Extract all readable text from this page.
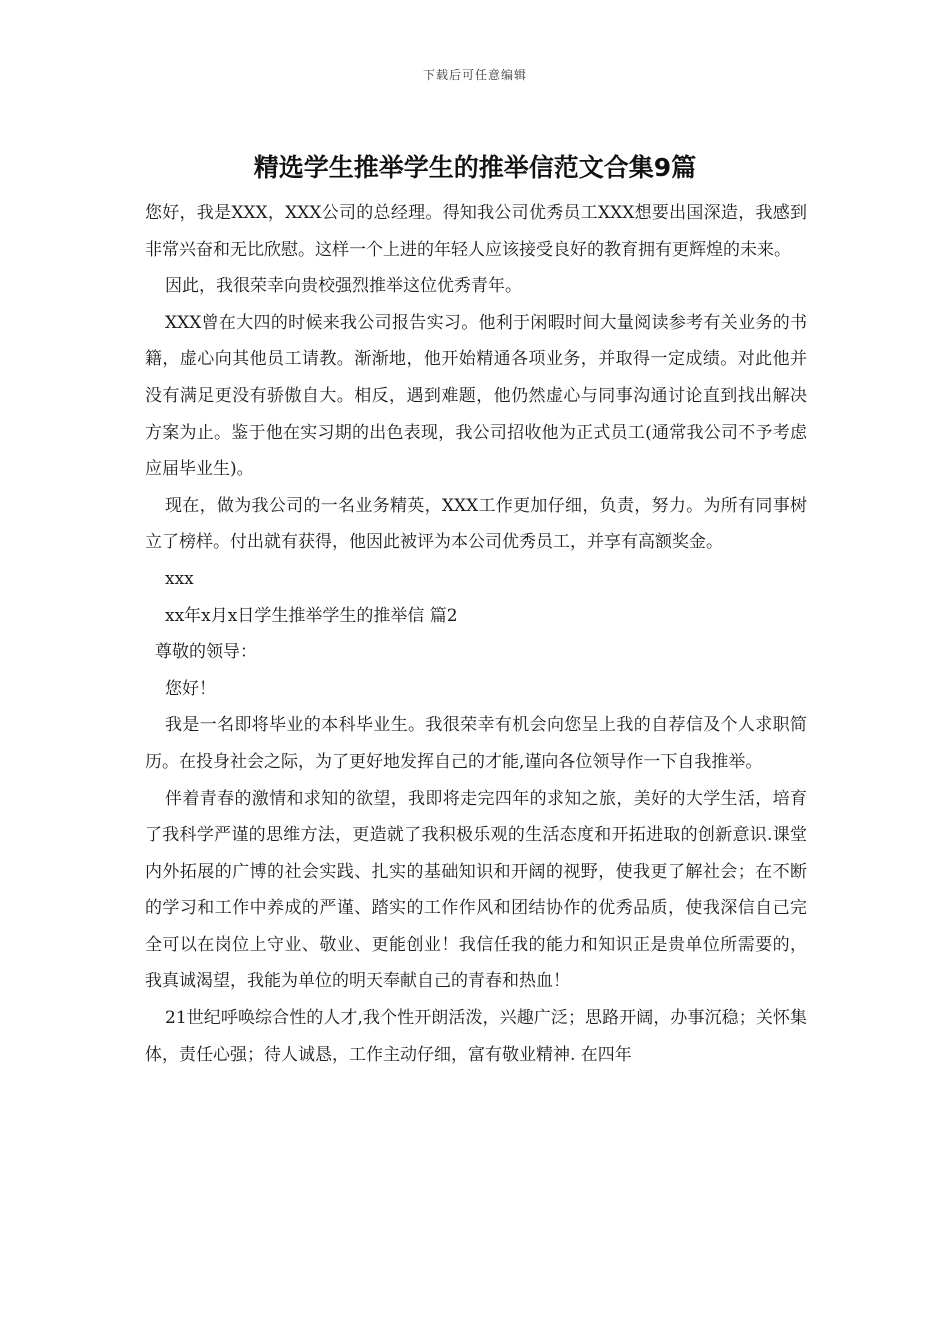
下载后可任意编辑
精选学生推举学生的推举信范文合集9篇

您好，我是XXX，XXX公司的总经理。得知我公司优秀员工XXX想要出国深造，我感到非常兴奋和无比欣慰。这样一个上进的年轻人应该接受良好的教育拥有更辉煌的未来。

因此，我很荣幸向贵校强烈推举这位优秀青年。

XXX曾在大四的时候来我公司报告实习。他利于闲暇时间大量阅读参考有关业务的书籍，虚心向其他员工请教。渐渐地，他开始精通各项业务，并取得一定成绩。对此他并没有满足更没有骄傲自大。相反，遇到难题，他仍然虚心与同事沟通讨论直到找出解决方案为止。鉴于他在实习期的出色表现，我公司招收他为正式员工(通常我公司不予考虑应届毕业生)。

现在，做为我公司的一名业务精英，XXX工作更加仔细，负责，努力。为所有同事树立了榜样。付出就有获得，他因此被评为本公司优秀员工，并享有高额奖金。

xxx

xx年x月x日学生推举学生的推举信 篇2

尊敬的领导：

您好！

我是一名即将毕业的本科毕业生。我很荣幸有机会向您呈上我的自荐信及个人求职简历。在投身社会之际，为了更好地发挥自己的才能,谨向各位领导作一下自我推举。

伴着青春的激情和求知的欲望，我即将走完四年的求知之旅，美好的大学生活，培育了我科学严谨的思维方法，更造就了我积极乐观的生活态度和开拓进取的创新意识.课堂内外拓展的广博的社会实践、扎实的基础知识和开阔的视野，使我更了解社会；在不断的学习和工作中养成的严谨、踏实的工作作风和团结协作的优秀品质，使我深信自己完全可以在岗位上守业、敬业、更能创业！我信任我的能力和知识正是贵单位所需要的，我真诚渴望，我能为单位的明天奉献自己的青春和热血！

21世纪呼唤综合性的人才,我个性开朗活泼，兴趣广泛；思路开阔，办事沉稳；关怀集体，责任心强；待人诚恳，工作主动仔细，富有敬业精神. 在四年
